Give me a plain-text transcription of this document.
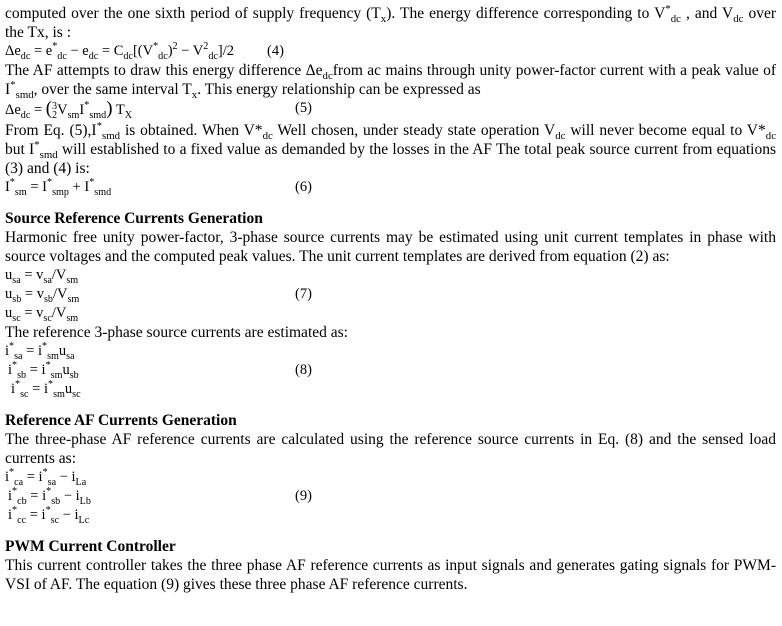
computed over the one sixth period of supply frequency $(T_x)$. The energy difference corresponding to $V^*_{dc}$ , and $V_{dc}$ over the Tx, is :

$\Delta e_{dc} = e^*_{dc} - e_{dc} = C_{dc}[(V^*_{dc})^2 - V^2_{dc}]/2$ (4)

The AF attempts to draw this energy difference $\Delta e_{dc}from$ ac mains through unity power-factor current with a peak value of $I^*_{smd}$, over the same interval $T_x$. This energy relationship can be expressed as

$\Delta e_{dc} = (3$
$2V_{sm}I^*_{smd}$) $T_X$	(5)

From Eq. $(5),I^*_{smd}$ is obtained. When $V*_{dc}$ Well chosen, under steady state operation $V_{dc}$ will never become equal to $V*_{dc}$ but $I^*_{smd}$ will established to a fixed value as demanded by the losses in the AF The total peak source current from equations (3) and (4) is:

$I^*_{sm} = I^*_{smp} + I^*_{smd}$	(6)

Source Reference Currents Generation

Harmonic free unity power-factor, 3-phase source currents may be estimated using unit current templates in phase with source voltages and the computed peak values. The unit current templates are derived from equation (2) as:

$u_{sa} = v_{sa}/V_{sm}$
$u_{sb} = v_{sb}/V_{sm}$	(7)
$u_{sc} = v_{sc}/V_{sm}$

The reference 3-phase source currents are estimated as:

$i^*_{sa} = i^*_{sm}u_{sa}$
$i^*_{sb} = i^*_{sm}u_{sb}$	(8)
$i^*_{sc} = i^*_{sm}u_{sc}$

Reference AF Currents Generation

The three-phase AF reference currents are calculated using the reference source currents in Eq. (8) and the sensed load currents as:

$i^*_{ca} = i^*_{sa} - i_{La}$
$i^*_{cb} = i^*_{sb} - i_{Lb}$	(9)
$i^*_{cc} = i^*_{sc} - i_{Lc}$

PWM Current Controller

This current controller takes the three phase AF reference currents as input signals and generates gating signals for PWM-VSI of AF. The equation (9) gives these three phase AF reference currents.
